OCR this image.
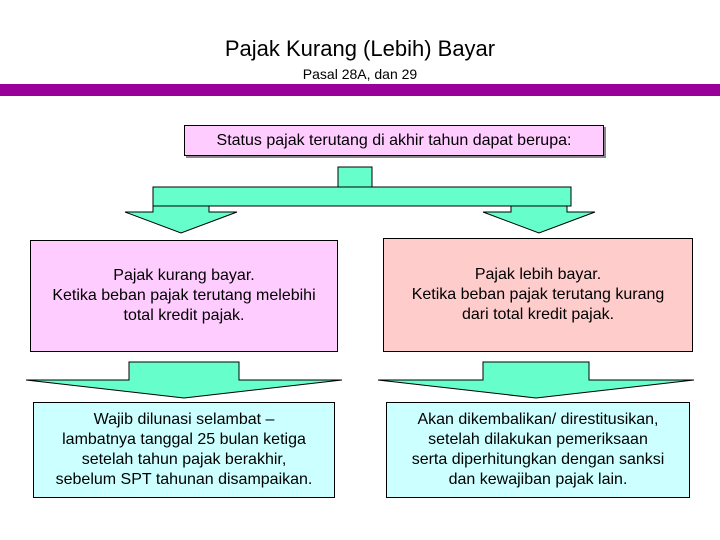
Pajak Kurang (Lebih) Bayar
Pasal 28A, dan 29
Status pajak terutang di akhir tahun dapat berupa:

Pajak kurang bayar.

Ketika beban pajak terutang melebihi

total kredit pajak.

Pajak lebih bayar.

Ketika beban pajak terutang kurang

dari total kredit pajak.

Wajib dilunasi selambat –

lambatnya tanggal 25 bulan ketiga

setelah tahun pajak berakhir,

sebelum SPT tahunan disampaikan.

Akan dikembalikan/ direstitusikan,

setelah dilakukan pemeriksaan

serta diperhitungkan dengan sanksi

dan kewajiban pajak lain.
